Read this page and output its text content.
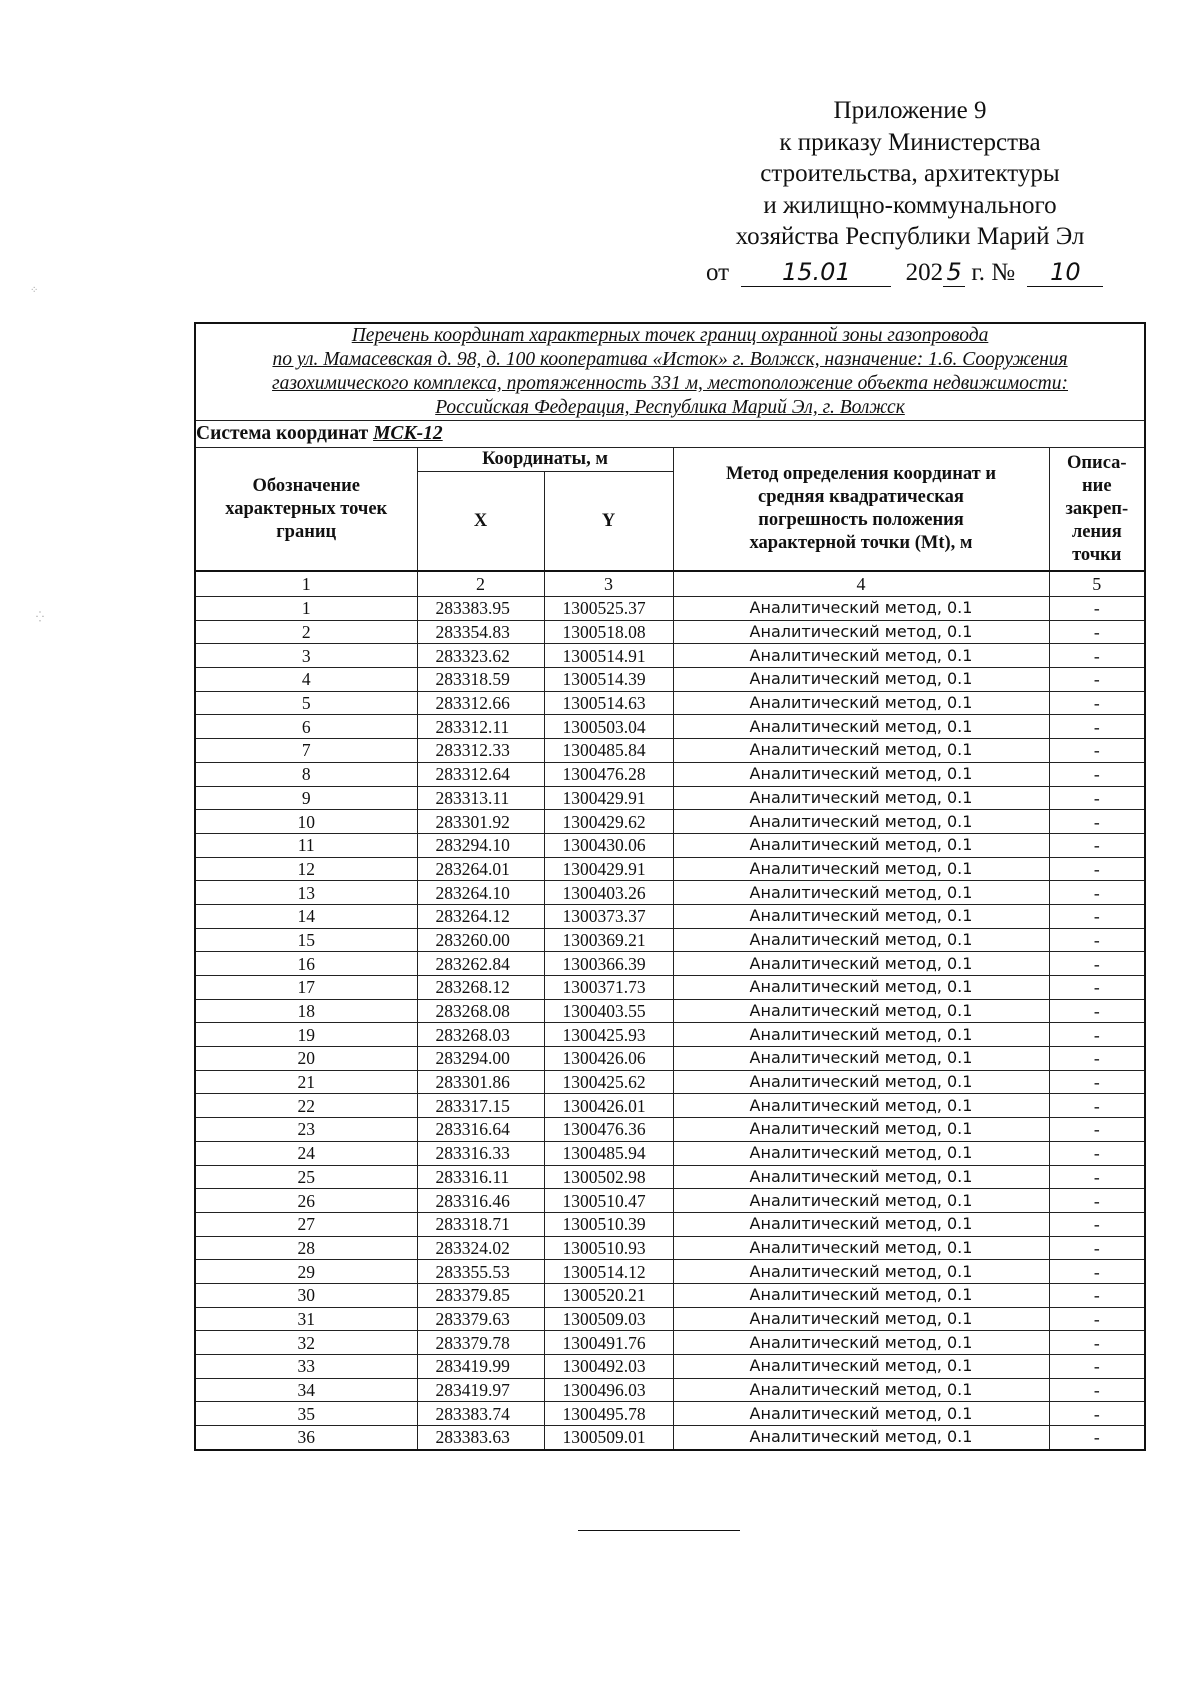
Приложение 9
к приказу Министерства
строительства, архитектуры
и жилищно-коммунального
хозяйства Республики Марий Эл
от 15.01 202 5 г. № 10
⁘
⁛
Перечень координат характерных точек границ охранной зоны газопровода
по ул. Мамасевская д. 98, д. 100 кооператива «Исток» г. Волжск, назначение: 1.6. Сооружения
газохимического комплекса, протяженность 331 м, местоположение объекта недвижимости:
Российская Федерация, Республика Марий Эл, г. Волжск				

Система координат МСК-12				

Обозначение
характерных точек
границ	Координаты, м		Метод определения координат и
средняя квадратическая
погрешность положения
характерной точки (Mt), м	Описа-
ние
закреп-
ления
точки

	X	Y		
1	2	3	4	5
1	283383.95	1300525.37	Аналитический метод, 0.1	-
2	283354.83	1300518.08	Аналитический метод, 0.1	-
3	283323.62	1300514.91	Аналитический метод, 0.1	-
4	283318.59	1300514.39	Аналитический метод, 0.1	-
5	283312.66	1300514.63	Аналитический метод, 0.1	-
6	283312.11	1300503.04	Аналитический метод, 0.1	-
7	283312.33	1300485.84	Аналитический метод, 0.1	-
8	283312.64	1300476.28	Аналитический метод, 0.1	-
9	283313.11	1300429.91	Аналитический метод, 0.1	-
10	283301.92	1300429.62	Аналитический метод, 0.1	-
11	283294.10	1300430.06	Аналитический метод, 0.1	-
12	283264.01	1300429.91	Аналитический метод, 0.1	-
13	283264.10	1300403.26	Аналитический метод, 0.1	-
14	283264.12	1300373.37	Аналитический метод, 0.1	-
15	283260.00	1300369.21	Аналитический метод, 0.1	-
16	283262.84	1300366.39	Аналитический метод, 0.1	-
17	283268.12	1300371.73	Аналитический метод, 0.1	-
18	283268.08	1300403.55	Аналитический метод, 0.1	-
19	283268.03	1300425.93	Аналитический метод, 0.1	-
20	283294.00	1300426.06	Аналитический метод, 0.1	-
21	283301.86	1300425.62	Аналитический метод, 0.1	-
22	283317.15	1300426.01	Аналитический метод, 0.1	-
23	283316.64	1300476.36	Аналитический метод, 0.1	-
24	283316.33	1300485.94	Аналитический метод, 0.1	-
25	283316.11	1300502.98	Аналитический метод, 0.1	-
26	283316.46	1300510.47	Аналитический метод, 0.1	-
27	283318.71	1300510.39	Аналитический метод, 0.1	-
28	283324.02	1300510.93	Аналитический метод, 0.1	-
29	283355.53	1300514.12	Аналитический метод, 0.1	-
30	283379.85	1300520.21	Аналитический метод, 0.1	-
31	283379.63	1300509.03	Аналитический метод, 0.1	-
32	283379.78	1300491.76	Аналитический метод, 0.1	-
33	283419.99	1300492.03	Аналитический метод, 0.1	-
34	283419.97	1300496.03	Аналитический метод, 0.1	-
35	283383.74	1300495.78	Аналитический метод, 0.1	-
36	283383.63	1300509.01	Аналитический метод, 0.1	-
